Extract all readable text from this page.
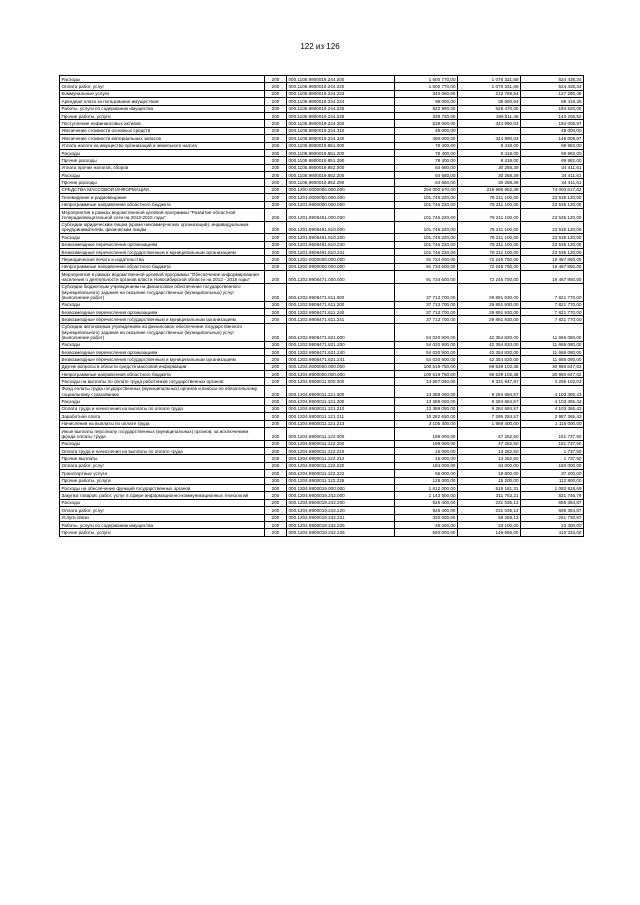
122 из 126
Расходы	200	000.1105.9900019.244.200	1 600 770,00	1 076 331,68	524 438,34
Оплата работ, услуг	200	000.1105.9900019.244.220	1 600 770,00	1 076 331,68	524 438,34
Коммунальные услуги	200	000.1105.9900019.244.223	340 060,00	212 769,54	127 290,46
Арендная плата за пользование имуществом	200	000.1105.9900019.244.224	98 000,00	38 580,64	59 419,36
Работы, услуги по содержанию имущества	200	000.1105.9900019.244.225	822 990,00	628 470,00	194 520,00
Прочие работы, услуги	200	000.1105.9900019.244.226	339 720,00	196 511,48	143 208,52
Поступление нефинансовых активов	200	000.1105.9900019.244.300	539 000,00	344 990,03	194 009,97
Увеличение стоимости основных средств	200	000.1105.9900019.244.310	49 000,00	-	49 000,00
Увеличение стоимости материальных запасов	200	000.1105.9900019.244.340	490 000,00	344 990,03	145 009,97
Уплата налога на имущество организаций и земельного налога	200	000.1105.9900019.851.000	78 400,00	8 418,00	69 982,00
Расходы	200	000.1105.9900019.851.200	78 400,00	8 418,00	69 982,00
Прочие расходы	200	000.1105.9900019.851.290	78 400,00	8 418,00	69 982,00
Уплата прочих налогов, сборов	200	000.1105.9900019.852.000	64 680,00	30 268,39	34 411,61
Расходы	200	000.1105.9900019.852.200	64 680,00	30 268,39	34 411,61
Прочие расходы	200	000.1105.9900019.852.290	64 680,00	30 268,39	34 411,61
СРЕДСТВА МАССОВОЙ ИНФОРМАЦИИ	200	000.1200.0000000.000.000	294 000 570,00	219 996 952,38	74 003 617,62
Телевидение и радиовещание	200	000.1201.0000000.000.000	101 746 220,00	78 211 100,00	23 535 120,00
Непрограммные направления областного бюджета	200	000.1201.9900000.000.000	101 746 220,00	78 211 100,00	23 535 120,00
Мероприятия в рамках ведомственной целевой программы "Развитие областной телерадиовещательной сети на 2013-2015 годы"	200	000.1201.9908461.000.000	101 746 220,00	78 211 100,00	23 535 120,00
Субсидии юридическим лицам (кроме некоммерческих организаций), индивидуальным предпринимателям, физическим лицам	200	000.1201.9908461.810.000	101 746 220,00	78 211 100,00	23 535 120,00
Расходы	200	000.1201.9908461.810.200	101 746 220,00	78 211 100,00	23 535 120,00
Безвозмездные перечисления организациям	200	000.1201.9908461.810.240	101 746 220,00	78 211 100,00	23 535 120,00
Безвозмездные перечисления государственным и муниципальным организациям	200	000.1201.9908461.810.241	101 746 220,00	78 211 100,00	23 535 120,00
Периодическая печать и издательства	200	000.1202.0000000.000.000	91 734 600,00	72 246 750,00	19 487 850,00
Непрограммные направления областного бюджета	200	000.1202.9900000.000.000	91 734 600,00	72 246 750,00	19 487 850,00
Мероприятия в рамках ведомственной целевой программы "Обеспечение информирования населения о деятельности органов власти Новосибирской области на 2012 - 2015 годы"	200	000.1202.9908471.000.000	91 734 600,00	72 246 750,00	19 487 850,00
Субсидии бюджетным учреждениям на финансовое обеспечение государственного (муниципального) задания на оказание государственных (муниципальных) услуг (выполнение работ)	200	000.1202.9908471.611.000	37 713 700,00	29 891 930,00	7 821 770,00
Расходы	200	000.1202.9908471.611.200	37 713 700,00	29 891 930,00	7 821 770,00
Безвозмездные перечисления организациям	200	000.1202.9908471.611.240	37 713 700,00	29 891 930,00	7 821 770,00
Безвозмездные перечисления государственным и муниципальным организациям	200	000.1202.9908471.611.241	37 713 700,00	29 891 930,00	7 821 770,00
Субсидии автономным учреждениям на финансовое обеспечение государственного (муниципального) задания на оказание государственных (муниципальных) услуг (выполнение работ)	200	000.1202.9908471.621.000	54 020 900,00	42 354 820,00	11 666 080,00
Расходы	200	000.1202.9908471.621.200	54 020 900,00	42 354 820,00	11 666 080,00
Безвозмездные перечисления организациям	200	000.1202.9908471.621.240	54 020 900,00	42 354 820,00	11 666 080,00
Безвозмездные перечисления государственным и муниципальным организациям	200	000.1202.9908471.621.241	54 020 900,00	42 354 820,00	11 666 080,00
Другие вопросы в области средств массовой информации	200	000.1204.0000000.000.000	100 519 750,00	69 539 102,38	30 980 647,62
Непрограммные направления областного бюджета	200	000.1204.9900000.000.000	100 519 750,00	69 539 102,38	30 980 647,62
Расходы на выплаты по оплате труда работников государственных органов	200	000.1204.9900011.000.000	13 587 050,00	9 331 947,97	4 255 102,03
Фонд оплаты труда государственных (муниципальных) органов и взносы по обязательному социальному страхованию	200	000.1204.9900011.121.000	13 388 050,00	9 284 684,57	4 103 365,43
Расходы	200	000.1204.9900011.121.200	13 388 050,00	9 284 684,57	4 103 365,43
Оплата труда и начисления на выплаты по оплате труда	200	000.1204.9900011.121.210	13 388 050,00	9 284 684,57	4 103 365,43
Заработная плата	200	000.1204.9900011.121.211	10 282 650,00	7 295 284,57	2 987 365,43
Начисления на выплаты по оплате труда	200	000.1204.9900011.121.213	3 105 400,00	1 989 400,00	1 116 000,00
Иные выплаты персоналу государственных (муниципальных) органов, за исключением фонда оплаты труда	200	000.1204.9900011.122.000	199 000,00	47 262,50	151 737,50
Расходы	200	000.1204.9900011.122.200	199 000,00	47 262,50	151 737,50
Оплата труда и начисления на выплаты по оплате труда	200	000.1204.9900011.122.210	15 000,00	13 262,50	1 737,50
Прочие выплаты	200	000.1204.9900011.122.212	15 000,00	13 262,50	1 737,50
Оплата работ, услуг	200	000.1204.9900011.122.220	184 000,00	34 000,00	150 000,00
Транспортные услуги	200	000.1204.9900011.122.222	56 000,00	18 800,00	37 200,00
Прочие работы, услуги	200	000.1204.9900011.122.226	128 000,00	15 200,00	112 800,00
Расходы на обеспечение функций государственных органов	200	000.1204.9900019.000.000	1 612 000,00	519 181,31	1 092 818,69
Закупка товаров, работ, услуг в сфере информационно-коммуникационных технологий	200	000.1204.9900019.242.000	1 143 500,00	311 753,21	831 746,79
Расходы	200	000.1204.9900019.242.200	926 400,00	231 035,13	695 364,87
Оплата работ, услуг	200	000.1204.9900019.242.220	926 400,00	231 035,13	695 364,87
Услуги связи	200	000.1204.9900019.242.221	320 000,00	58 269,13	261 730,87
Работы, услуги по содержанию имущества	200	000.1204.9900019.242.225	46 400,00	23 100,00	23 300,00
Прочие работы, услуги	200	000.1204.9900019.242.226	560 000,00	149 666,00	410 334,00
